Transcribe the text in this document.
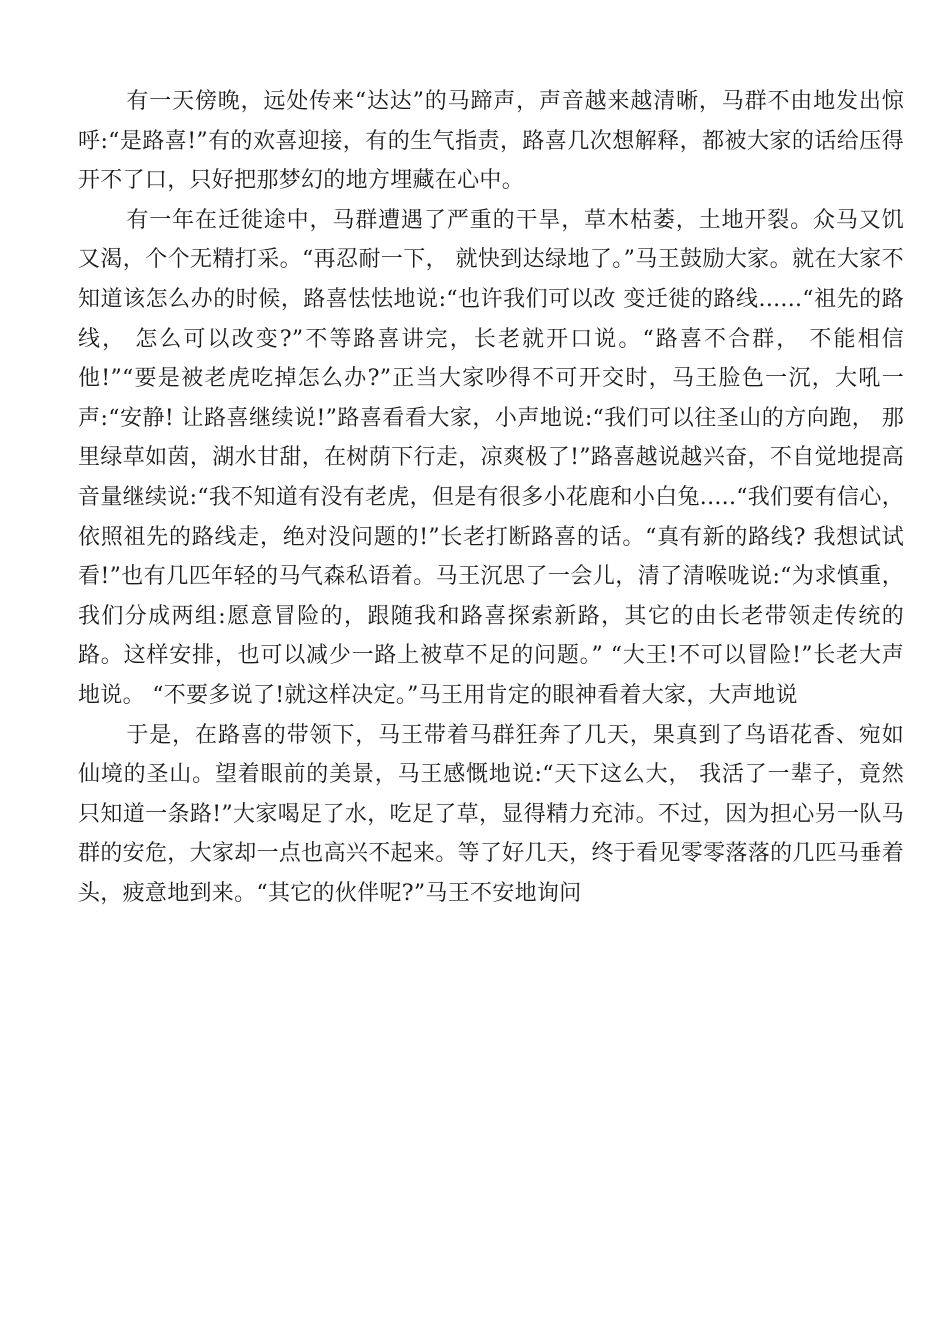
有一天傍晚，远处传来“达达”的马蹄声，声音越来越清晰，马群不由地发出惊呼:“是路喜!”有的欢喜迎接，有的生气指责，路喜几次想解释，都被大家的话给压得开不了口，只好把那梦幻的地方埋藏在心中。

有一年在迁徙途中，马群遭遇了严重的干旱，草木枯萎，土地开裂。众马又饥又渴，个个无精打采。“再忍耐一下， 就快到达绿地了。”马王鼓励大家。就在大家不知道该怎么办的时候，路喜怯怯地说:“也许我们可以改 变迁徙的路线......“祖先的路线， 怎么可以改变?”不等路喜讲完，长老就开口说。“路喜不合群， 不能相信他!”“要是被老虎吃掉怎么办?”正当大家吵得不可开交时，马王脸色一沉，大吼一声:“安静! 让路喜继续说!”路喜看看大家，小声地说:“我们可以往圣山的方向跑， 那里绿草如茵，湖水甘甜，在树荫下行走，凉爽极了!”路喜越说越兴奋，不自觉地提高音量继续说:“我不知道有没有老虎，但是有很多小花鹿和小白兔.....“我们要有信心，依照祖先的路线走，绝对没问题的!”长老打断路喜的话。“真有新的路线? 我想试试看!”也有几匹年轻的马气森私语着。马王沉思了一会儿，清了清喉咙说:“为求慎重，我们分成两组:愿意冒险的，跟随我和路喜探索新路，其它的由长老带领走传统的路。这样安排，也可以减少一路上被草不足的问题。” “大王!不可以冒险!”长老大声地说。 “不要多说了!就这样决定。”马王用肯定的眼神看着大家，大声地说

于是，在路喜的带领下，马王带着马群狂奔了几天，果真到了鸟语花香、宛如仙境的圣山。望着眼前的美景，马王感慨地说:“天下这么大， 我活了一辈子，竟然只知道一条路!”大家喝足了水，吃足了草，显得精力充沛。不过，因为担心另一队马群的安危，大家却一点也高兴不起来。等了好几天，终于看见零零落落的几匹马垂着头，疲意地到来。“其它的伙伴呢?”马王不安地询问
